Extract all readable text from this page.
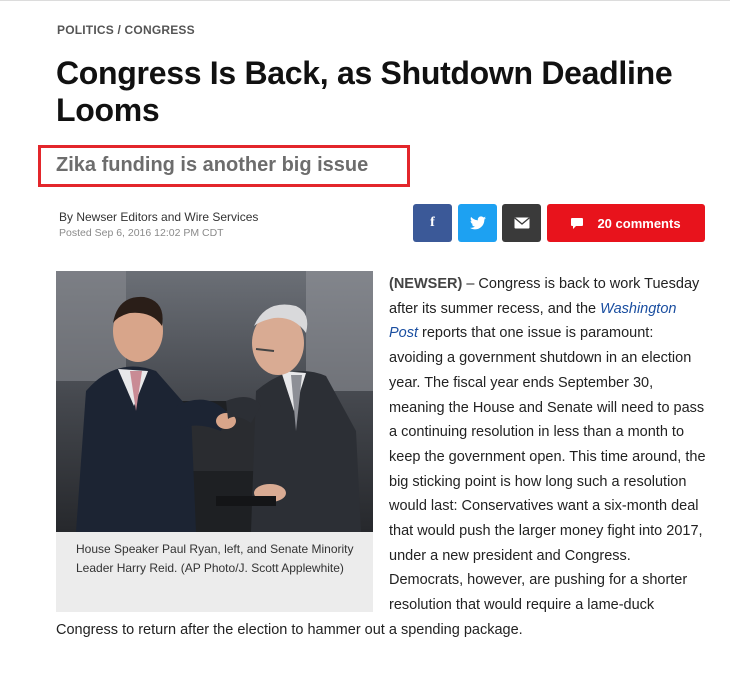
POLITICS / CONGRESS
Congress Is Back, as Shutdown Deadline Looms
Zika funding is another big issue
By Newser Editors and Wire Services
Posted Sep 6, 2016 12:02 PM CDT
f	20 comments
House Speaker Paul Ryan, left, and Senate Minority Leader Harry Reid. (AP Photo/J. Scott Applewhite)

(NEWSER) – Congress is back to work Tuesday after its summer recess, and the Washington Post reports that one issue is paramount: avoiding a government shutdown in an election year. The fiscal year ends September 30, meaning the House and Senate will need to pass a continuing resolution in less than a month to keep the government open. This time around, the big sticking point is how long such a resolution would last: Conservatives want a six-month deal that would push the larger money fight into 2017, under a new president and Congress. Democrats, however, are pushing for a shorter resolution that would require a lame-duck Congress to return after the election to hammer out a spending package.
